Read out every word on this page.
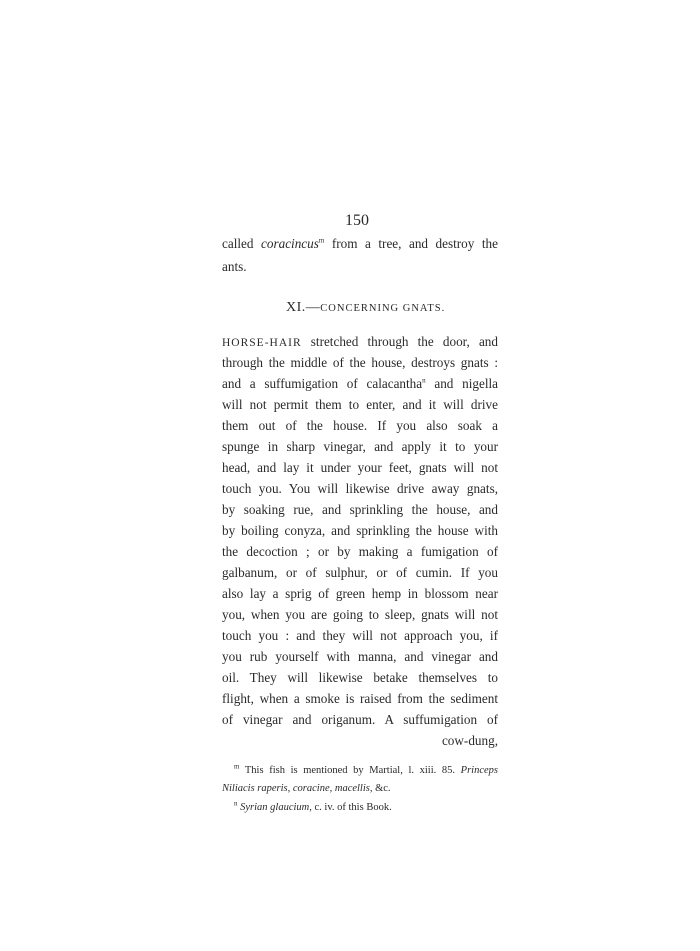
150
called coracincus$^m$ from a tree, and destroy the
ants.
XI.—CONCERNING GNATS.
HORSE-HAIR stretched through the door, and
through the middle of the house, destroys gnats :
and a suffumigation of calacantha$^n$ and nigella
will not permit them to enter, and it will drive
them out of the house. If you also soak a
spunge in sharp vinegar, and apply it to your
head, and lay it under your feet, gnats will not
touch you. You will likewise drive away gnats,
by soaking rue, and sprinkling the house, and
by boiling conyza, and sprinkling the house with
the decoction ; or by making a fumigation of
galbanum, or of sulphur, or of cumin. If you
also lay a sprig of green hemp in blossom near
you, when you are going to sleep, gnats will not
touch you : and they will not approach you, if
you rub yourself with manna, and vinegar and
oil. They will likewise betake themselves to
flight, when a smoke is raised from the sediment
of vinegar and origanum. A suffumigation of
cow-dung,
$^m$ This fish is mentioned by Martial, l. xiii. 85. Princeps
Niliacis raperis, coracine, macellis, &c.
$^n$ Syrian glaucium, c. iv. of this Book.
